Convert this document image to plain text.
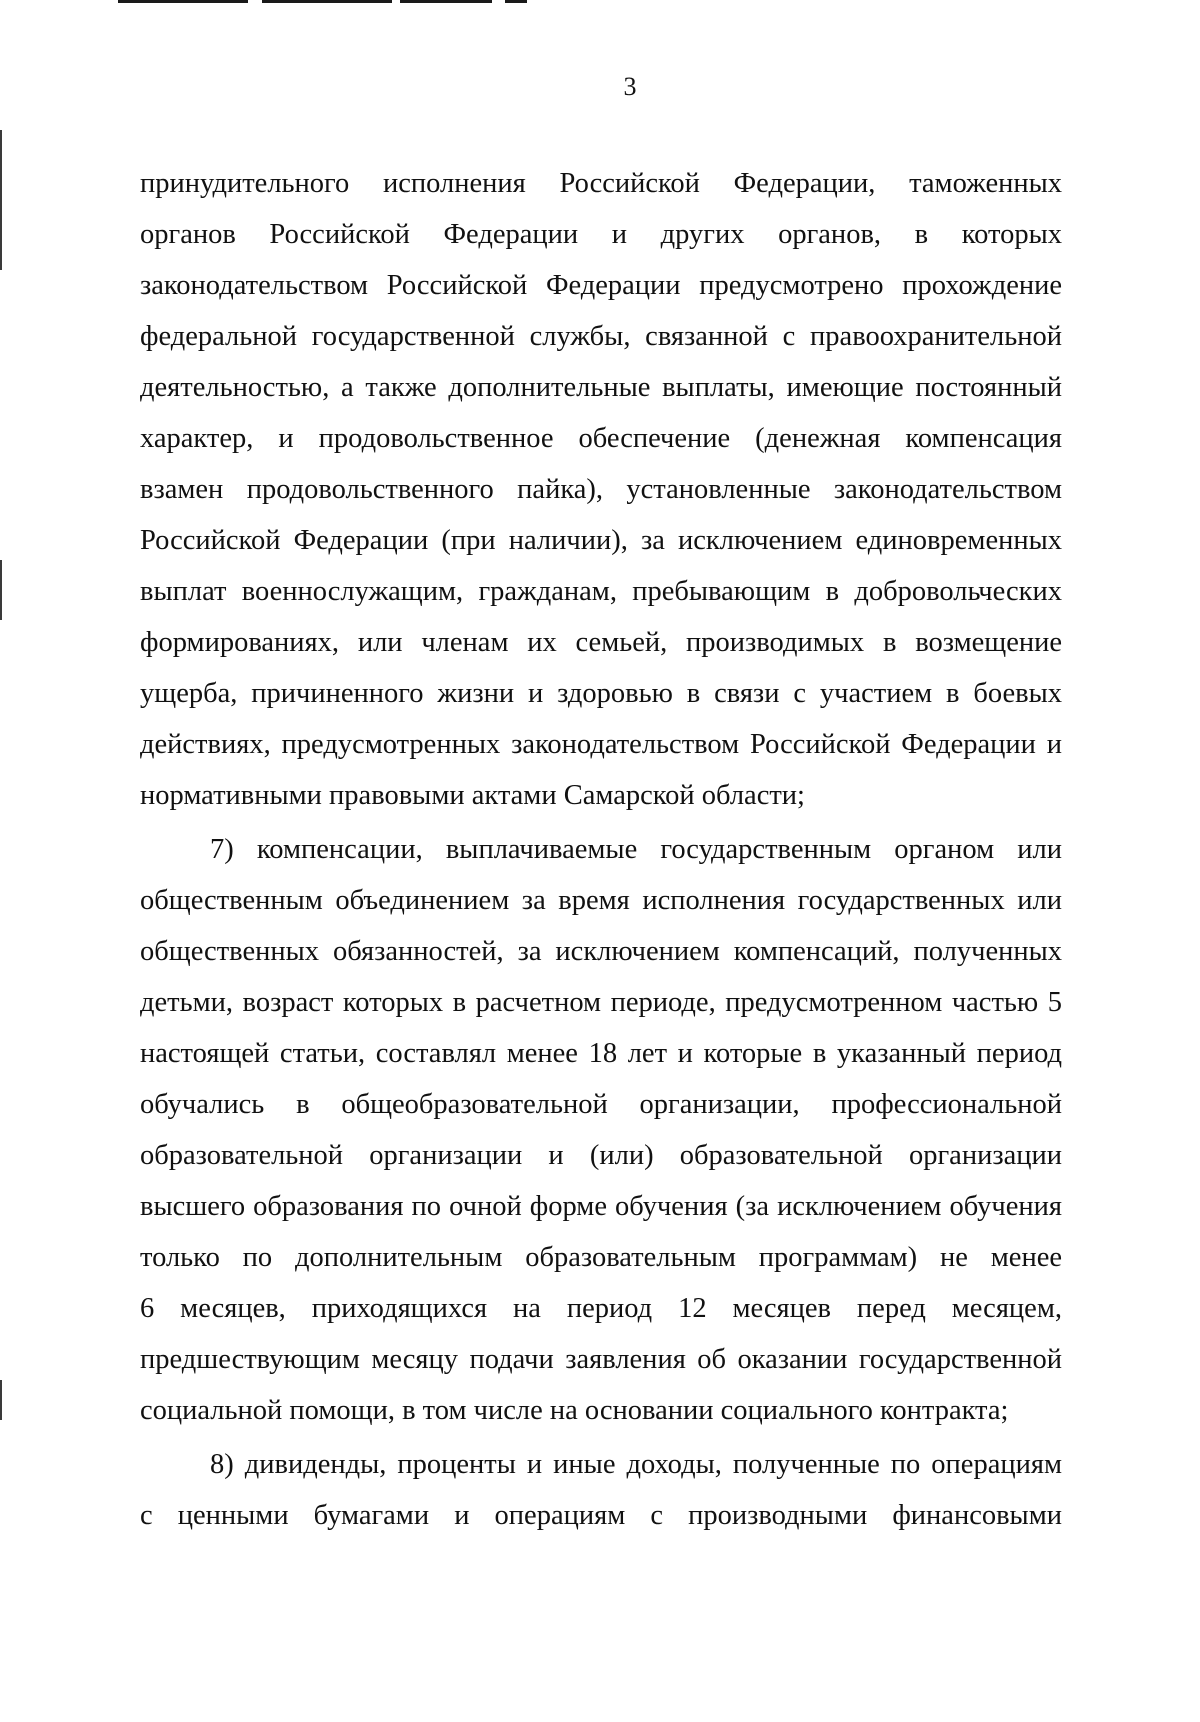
3
принудительного исполнения Российской Федерации, таможенных
органов Российской Федерации и других органов, в которых
законодательством Российской Федерации предусмотрено прохождение
федеральной государственной службы, связанной с правоохранительной
деятельностью, а также дополнительные выплаты, имеющие постоянный
характер, и продовольственное обеспечение (денежная компенсация
взамен продовольственного пайка), установленные законодательством
Российской Федерации (при наличии), за исключением единовременных
выплат военнослужащим, гражданам, пребывающим в добровольческих
формированиях, или членам их семьей, производимых в возмещение
ущерба, причиненного жизни и здоровью в связи с участием в боевых
действиях, предусмотренных законодательством Российской Федерации и
нормативными правовыми актами Самарской области;
7) компенсации, выплачиваемые государственным органом или
общественным объединением за время исполнения государственных или
общественных обязанностей, за исключением компенсаций, полученных
детьми, возраст которых в расчетном периоде, предусмотренном частью 5
настоящей статьи, составлял менее 18 лет и которые в указанный период
обучались в общеобразовательной организации, профессиональной
образовательной организации и (или) образовательной организации
высшего образования по очной форме обучения (за исключением обучения
только по дополнительным образовательным программам) не менее
6 месяцев, приходящихся на период 12 месяцев перед месяцем,
предшествующим месяцу подачи заявления об оказании государственной
социальной помощи, в том числе на основании социального контракта;
8) дивиденды, проценты и иные доходы, полученные по операциям
с ценными бумагами и операциям с производными финансовыми
